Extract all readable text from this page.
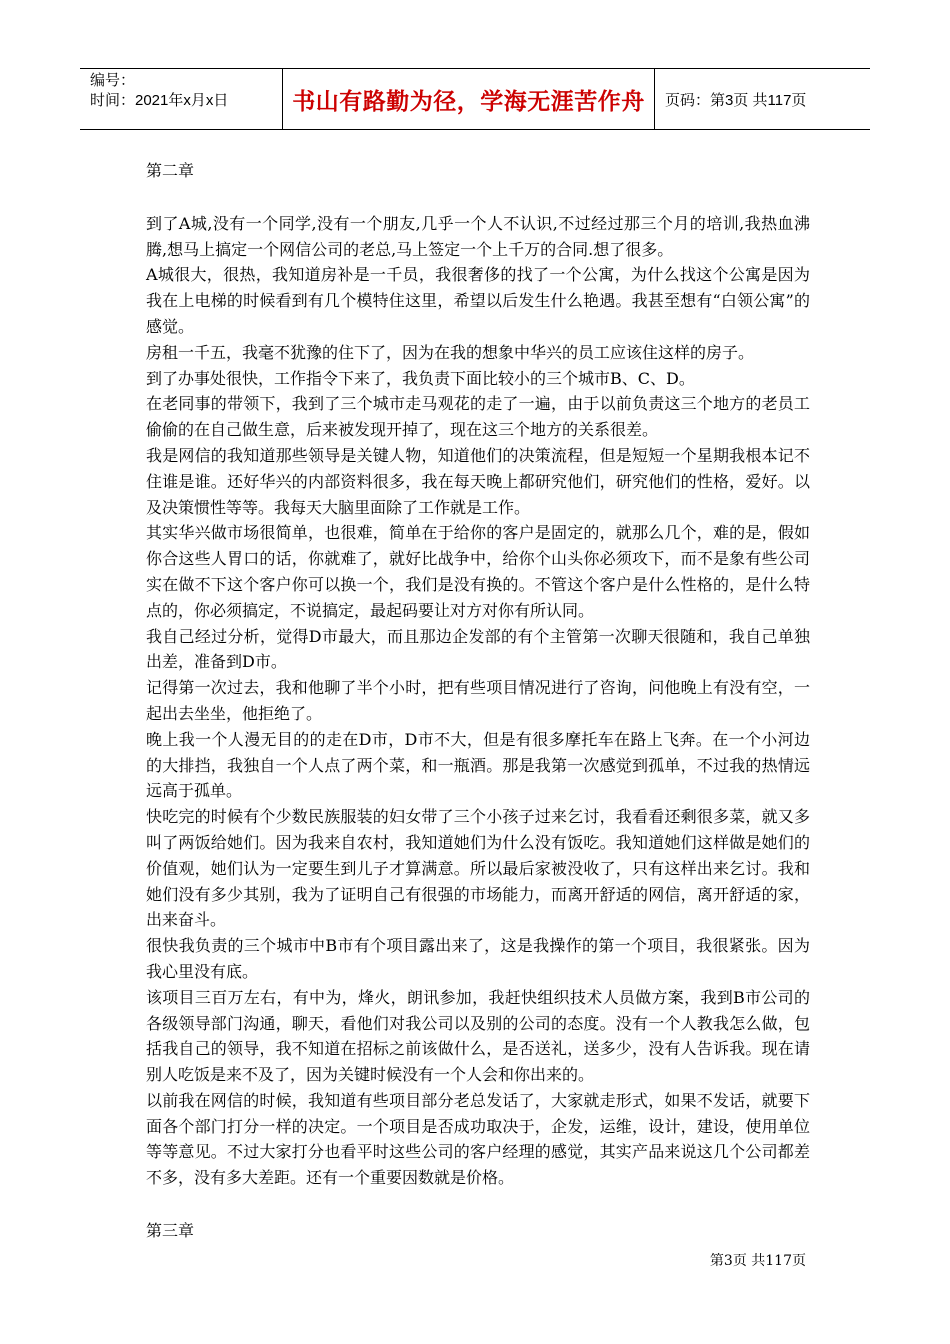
编号：
时间：2021年x月x日	书山有路勤为径，学海无涯苦作舟	页码：第3页 共117页

第二章

到了A城,没有一个同学,没有一个朋友,几乎一个人不认识,不过经过那三个月的培训,我热血沸腾,想马上搞定一个网信公司的老总,马上签定一个上千万的合同.想了很多。

A城很大，很热，我知道房补是一千员，我很奢侈的找了一个公寓，为什么找这个公寓是因为我在上电梯的时候看到有几个模特住这里，希望以后发生什么艳遇。我甚至想有“白领公寓”的感觉。

房租一千五，我毫不犹豫的住下了，因为在我的想象中华兴的员工应该住这样的房子。

到了办事处很快，工作指令下来了，我负责下面比较小的三个城市B、C、D。

在老同事的带领下，我到了三个城市走马观花的走了一遍，由于以前负责这三个地方的老员工偷偷的在自己做生意，后来被发现开掉了，现在这三个地方的关系很差。

我是网信的我知道那些领导是关键人物，知道他们的决策流程，但是短短一个星期我根本记不住谁是谁。还好华兴的内部资料很多，我在每天晚上都研究他们，研究他们的性格，爱好。以及决策惯性等等。我每天大脑里面除了工作就是工作。

其实华兴做市场很简单，也很难，简单在于给你的客户是固定的，就那么几个，难的是，假如你合这些人胃口的话，你就难了，就好比战争中，给你个山头你必须攻下，而不是象有些公司实在做不下这个客户你可以换一个，我们是没有换的。不管这个客户是什么性格的，是什么特点的，你必须搞定，不说搞定，最起码要让对方对你有所认同。

我自己经过分析，觉得D市最大，而且那边企发部的有个主管第一次聊天很随和，我自己单独出差，准备到D市。

记得第一次过去，我和他聊了半个小时，把有些项目情况进行了咨询，问他晚上有没有空，一起出去坐坐，他拒绝了。

晚上我一个人漫无目的的走在D市，D市不大，但是有很多摩托车在路上飞奔。在一个小河边的大排挡，我独自一个人点了两个菜，和一瓶酒。那是我第一次感觉到孤单，不过我的热情远远高于孤单。

快吃完的时候有个少数民族服装的妇女带了三个小孩子过来乞讨，我看看还剩很多菜，就又多叫了两饭给她们。因为我来自农村，我知道她们为什么没有饭吃。我知道她们这样做是她们的价值观，她们认为一定要生到儿子才算满意。所以最后家被没收了，只有这样出来乞讨。我和她们没有多少其别，我为了证明自己有很强的市场能力，而离开舒适的网信，离开舒适的家，出来奋斗。

很快我负责的三个城市中B市有个项目露出来了，这是我操作的第一个项目，我很紧张。因为我心里没有底。

该项目三百万左右，有中为，烽火，朗讯参加，我赶快组织技术人员做方案，我到B市公司的各级领导部门沟通，聊天，看他们对我公司以及别的公司的态度。没有一个人教我怎么做，包括我自己的领导，我不知道在招标之前该做什么，是否送礼，送多少，没有人告诉我。现在请别人吃饭是来不及了，因为关键时候没有一个人会和你出来的。

以前我在网信的时候，我知道有些项目部分老总发话了，大家就走形式，如果不发话，就要下面各个部门打分一样的决定。一个项目是否成功取决于，企发，运维，设计，建设，使用单位等等意见。不过大家打分也看平时这些公司的客户经理的感觉，其实产品来说这几个公司都差不多，没有多大差距。还有一个重要因数就是价格。

第三章

第3页 共117页
